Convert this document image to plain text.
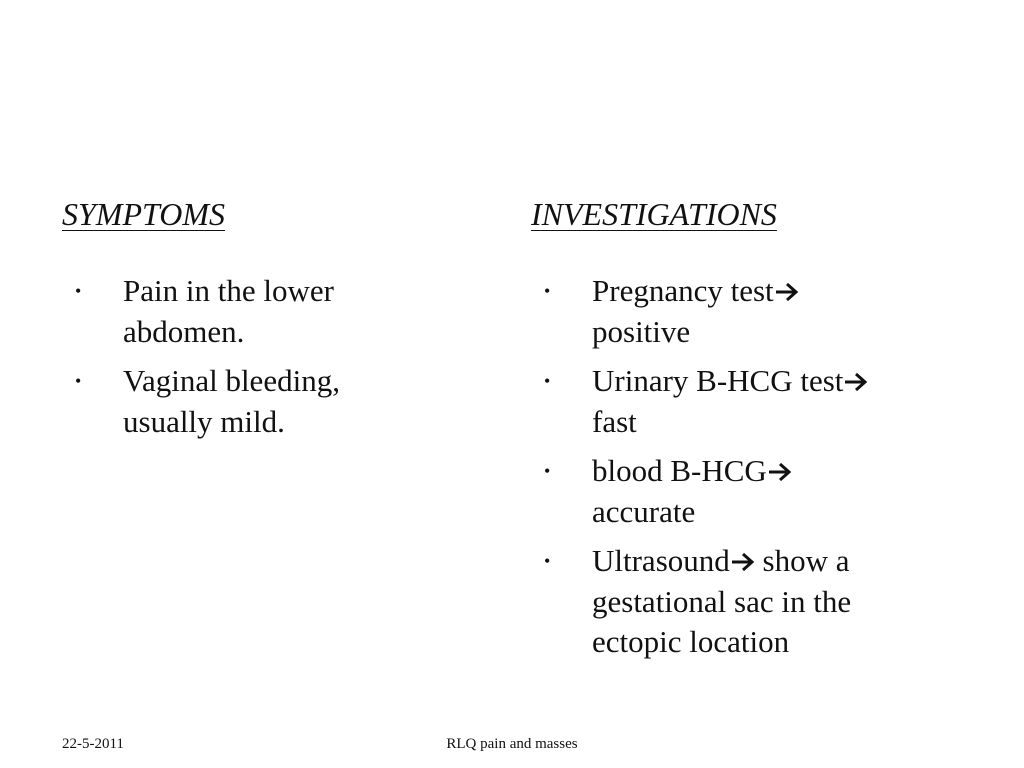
SYMPTOMS
• Pain in the lower
abdomen.
• Vaginal bleeding,
usually mild.
INVESTIGATIONS
• Pregnancy test
positive
• Urinary B-HCG test
fast
• blood B-HCG
accurate
• Ultrasound show a
gestational sac in the
ectopic location
22-5-2011	RLQ pain and masses
